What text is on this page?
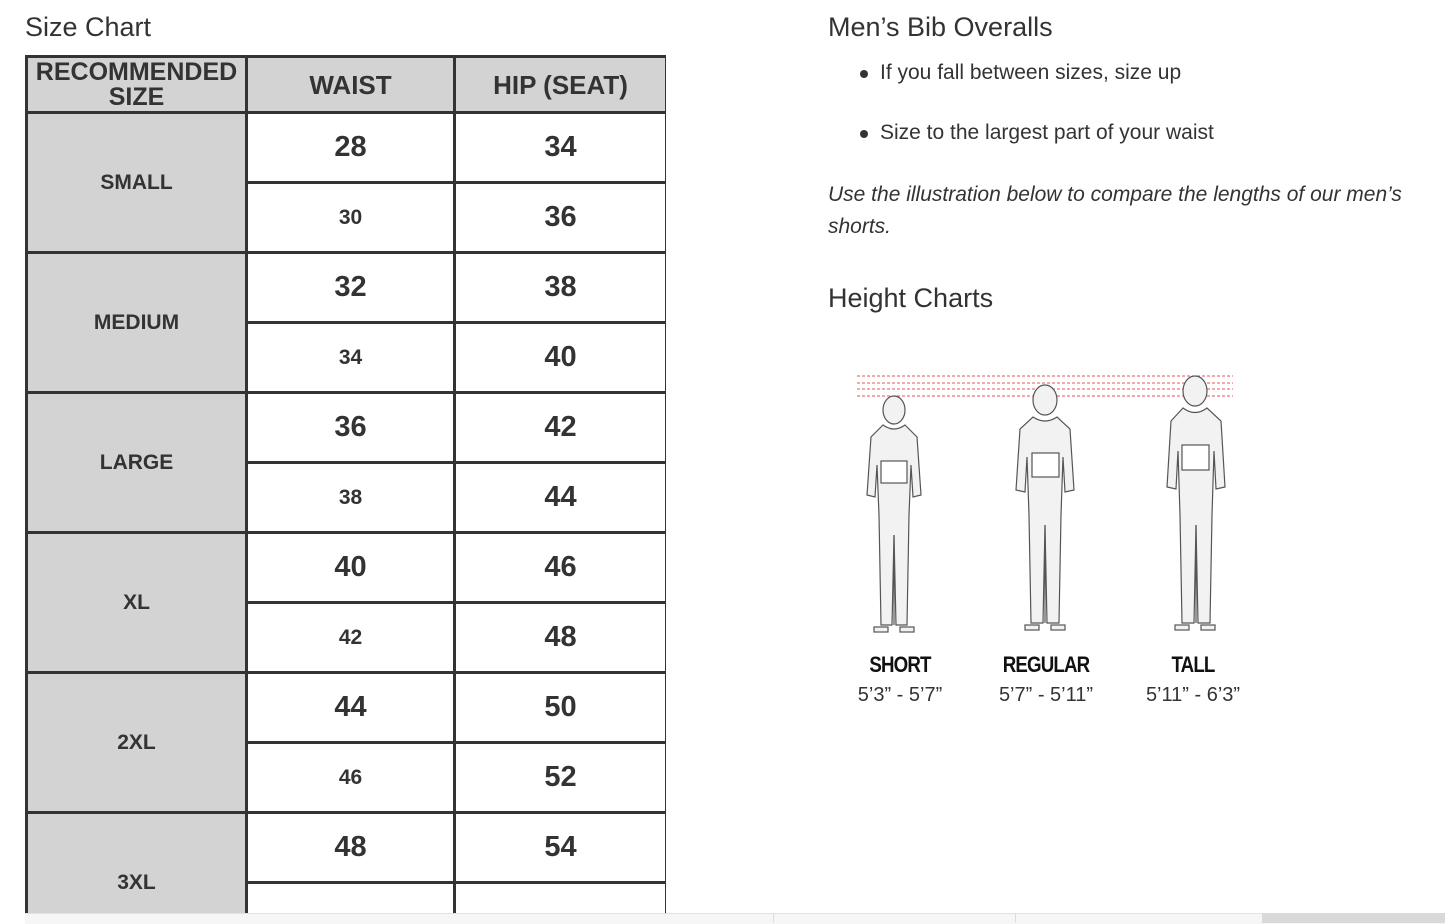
Size Chart
RECOMMENDED
SIZE	WAIST	HIP (SEAT)
SMALL	28	34
	30	36
MEDIUM	32	38
	34	40
LARGE	36	42
	38	44
XL	40	46
	42	48
2XL	44	50
	46	52
3XL	48	54

Men’s Bib Overalls
If you fall between sizes, size up
Size to the largest part of your waist
Use the illustration below to compare the lengths of our men’s shorts.
Height Charts
SHORT
5’3” - 5’7”
REGULAR
5’7” - 5’11”
TALL
5’11” - 6’3”
